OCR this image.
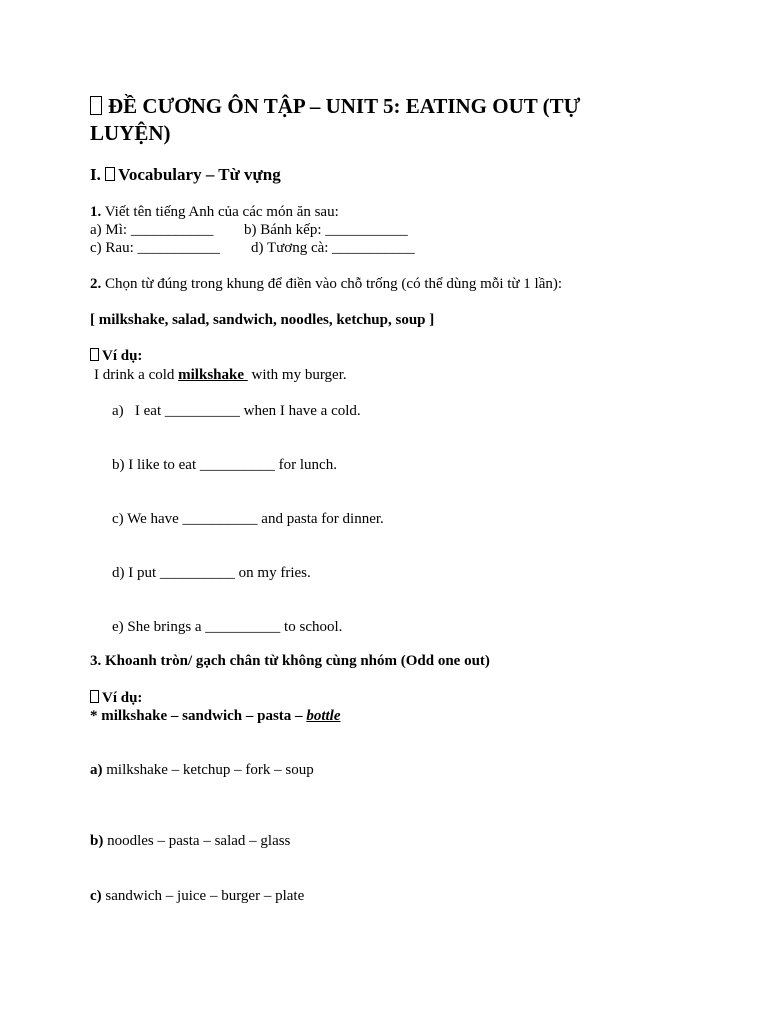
ĐỀ CƯƠNG ÔN TẬP – UNIT 5: EATING OUT (TỰ LUYỆN)
I. Vocabulary – Từ vựng
1. Viết tên tiếng Anh của các món ăn sau:
a) Mì: ___________ b) Bánh kếp: ___________
c) Rau: ___________ d) Tương cà: ___________
2. Chọn từ đúng trong khung để điền vào chỗ trống (có thể dùng mỗi từ 1 lần):
[ milkshake, salad, sandwich, noodles, ketchup, soup ]
Ví dụ:
I drink a cold milkshake  with my burger.
a)   I eat __________ when I have a cold.
b) I like to eat __________ for lunch.
c) We have __________ and pasta for dinner.
d) I put __________ on my fries.
e) She brings a __________ to school.
3. Khoanh tròn/ gạch chân từ không cùng nhóm (Odd one out)
Ví dụ:
* milkshake – sandwich – pasta – bottle
a) milkshake – ketchup – fork – soup
b) noodles – pasta – salad – glass
c) sandwich – juice – burger – plate
